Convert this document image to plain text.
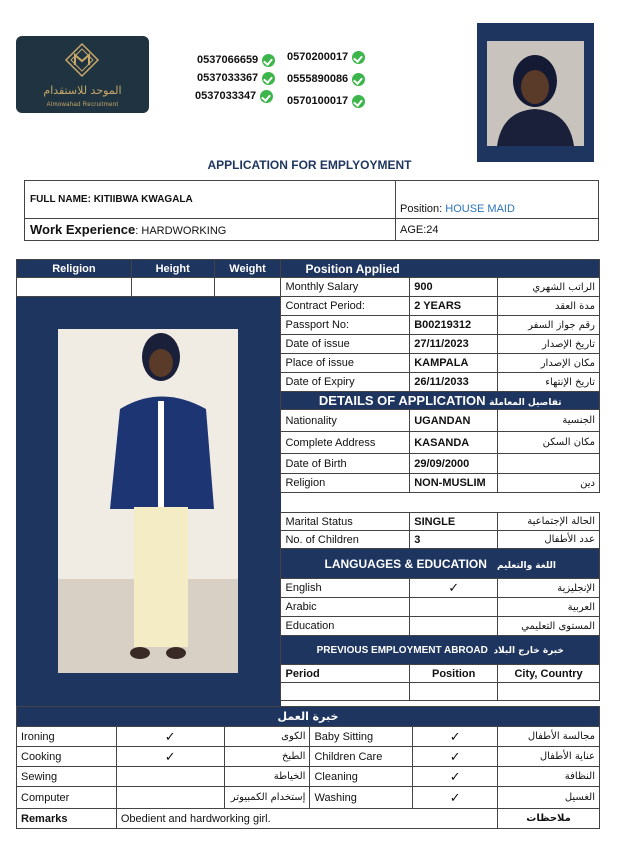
الموحد للاستقدام
Almowahad Recruitment
0537066659
0537033367
0537033347
0570200017
0555890086
0570100017
APPLICATION FOR EMPLYOYMENT
FULL NAME: KITIIBWA KWAGALA	
	Position: HOUSE MAID
Work Experience: HARDWORKING	AGE:24
Religion	Height	Weight	Position Applied		
			Monthly Salary	900	الراتب الشهري
			Contract Period:	2 YEARS	مدة العقد
			Passport No:	B00219312	رقم جواز السفر
			Date of issue	27/11/2023	تاريخ الإصدار
			Place of issue	KAMPALA	مكان الإصدار
			Date of Expiry	26/11/2033	تاريخ الإنتهاء
			DETAILS OF APPLICATION تفاصيل المعاملة		
			Nationality	UGANDAN	الجنسية
			Complete Address	KASANDA	مكان السكن
			Date of Birth	29/09/2000	
			Religion	NON-MUSLIM	دين

			Marital Status	SINGLE	الحالة الإجتماعية
			No. of Children	3	عدد الأطفال
			LANGUAGES & EDUCATION اللغة والتعليم		
			English	✓	الإنجليزية
			Arabic		العربية
			Education		المستوى التعليمي
			PREVIOUS EMPLOYMENT ABROAD خبرة خارج البلاد		
			Period	Position	City, Country

خبرة العمل					
Ironing	✓	الكوى	Baby Sitting	✓	مجالسة الأطفال
Cooking	✓	الطبخ	Children Care	✓	عناية الأطفال
Sewing		الخياطة	Cleaning	✓	النظافة
Computer		إستخدام الكمبيوتر	Washing	✓	الغسيل
Remarks	Obedient and hardworking girl.				ملاحظات
